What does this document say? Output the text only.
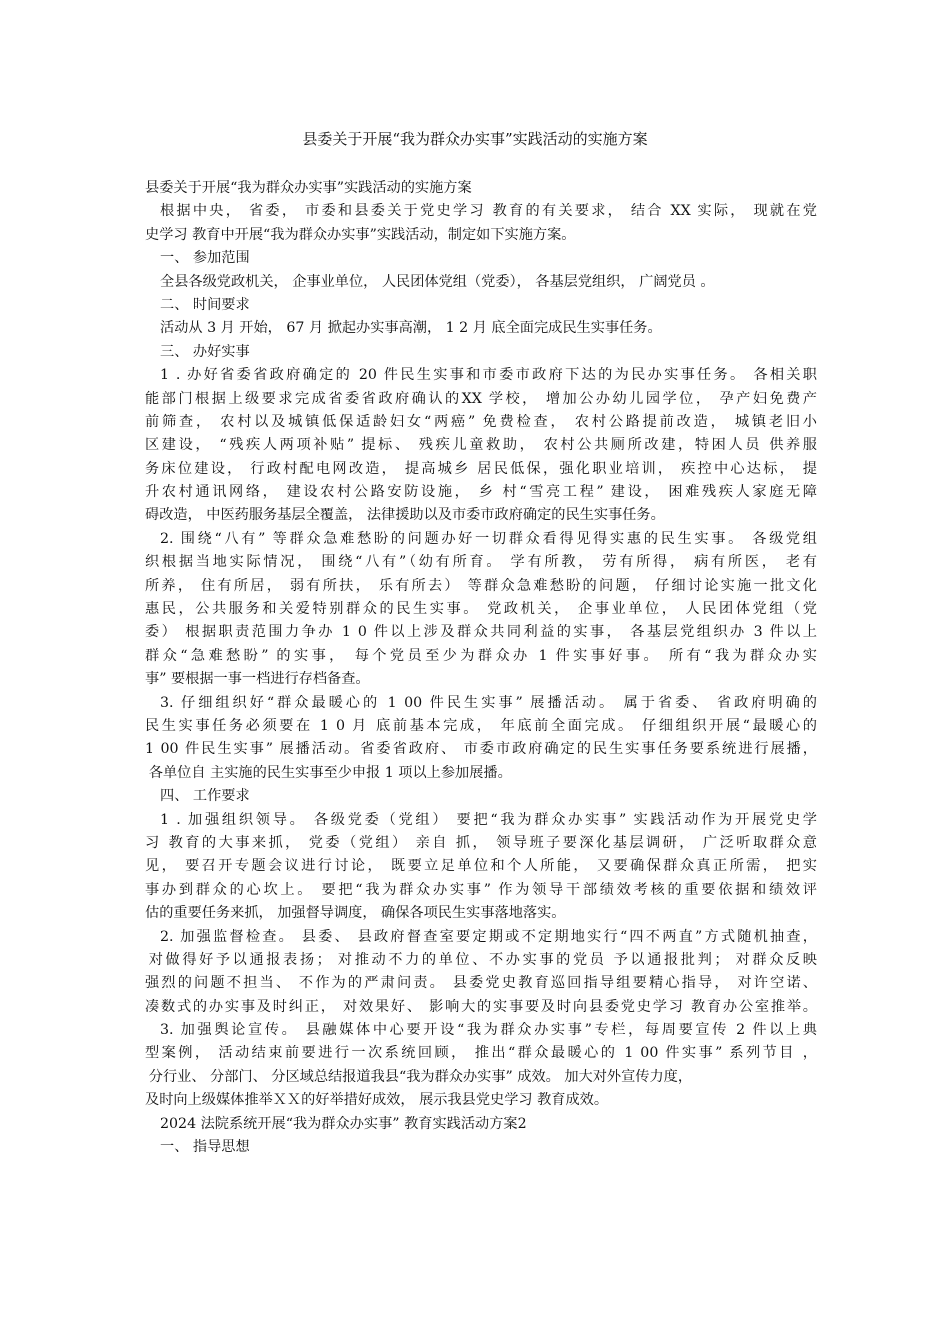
县委关于开展“我为群众办实事”实践活动的实施方案
县委关于开展“我为群众办实事”实践活动的实施方案
根据中央， 省委， 市委和县委关于党史学习 教育的有关要求， 结合 XX 实际， 现就在党
史学习 教育中开展“我为群众办实事”实践活动，制定如下实施方案。
一、 参加范围
全县各级党政机关， 企事业单位， 人民团体党组（党委）， 各基层党组织， 广阔党员 。
二、 时间要求
活动从 3 月 开始， 67 月 掀起办实事高潮， 1 2 月 底全面完成民生实事任务。
三、 办好实事
1 . 办好省委省政府确定的 20 件民生实事和市委市政府下达的为民办实事任务。 各相关职
能部门根据上级要求完成省委省政府确认的XX 学校， 增加公办幼儿园学位， 孕产妇免费产
前筛查， 农村以及城镇低保适龄妇女“两癌” 免费检查， 农村公路提前改造， 城镇老旧小
区建设， “残疾人两项补贴” 提标、 残疾儿童救助， 农村公共厕所改建，特困人员 供养服
务床位建设， 行政村配电网改造， 提高城乡 居民低保，强化职业培训， 疾控中心达标， 提
升农村通讯网络， 建设农村公路安防设施， 乡 村“雪亮工程” 建设， 困难残疾人家庭无障
碍改造， 中医药服务基层全覆盖， 法律援助以及市委市政府确定的民生实事任务。
2. 围绕“八有” 等群众急难愁盼的问题办好一切群众看得见得实惠的民生实事。 各级党组
织根据当地实际情况， 围绕“八有”（幼有所育。 学有所教， 劳有所得， 病有所医， 老有
所养， 住有所居， 弱有所扶， 乐有所去） 等群众急难愁盼的问题， 仔细讨论实施一批文化
惠民，公共服务和关爱特别群众的民生实事。 党政机关， 企事业单位， 人民团体党组（党
委） 根据职责范围力争办 1 0 件以上涉及群众共同利益的实事， 各基层党组织办 3 件以上
群众“急难愁盼” 的实事， 每个党员至少为群众办 1 件实事好事。 所有“我为群众办实
事” 要根据一事一档进行存档备查。
3. 仔细组织好“群众最暖心的 1 00 件民生实事” 展播活动。 属于省委、 省政府明确的
民生实事任务必须要在 1 0 月 底前基本完成， 年底前全面完成。 仔细组织开展“最暖心的
1 00 件民生实事” 展播活动。省委省政府、 市委市政府确定的民生实事任务要系统进行展播，
各单位自 主实施的民生实事至少申报 1 项以上参加展播。
四、 工作要求
1 . 加强组织领导。 各级党委（党组） 要把“我为群众办实事” 实践活动作为开展党史学
习 教育的大事来抓， 党委（党组） 亲自 抓， 领导班子要深化基层调研， 广泛听取群众意
见， 要召开专题会议进行讨论， 既要立足单位和个人所能， 又要确保群众真正所需， 把实
事办到群众的心坎上。 要把“我为群众办实事” 作为领导干部绩效考核的重要依据和绩效评
估的重要任务来抓， 加强督导调度， 确保各项民生实事落地落实。
2. 加强监督检查。 县委、 县政府督查室要定期或不定期地实行“四不两直”方式随机抽查，
对做得好予以通报表扬； 对推动不力的单位、不办实事的党员 予以通报批判； 对群众反映
强烈的问题不担当、 不作为的严肃问责。 县委党史教育巡回指导组要精心指导， 对许空诺、
凑数式的办实事及时纠正， 对效果好、 影响大的实事要及时向县委党史学习 教育办公室推举。
3. 加强舆论宣传。 县融媒体中心要开设“我为群众办实事”专栏，每周要宣传 2 件以上典
型案例， 活动结束前要进行一次系统回顾， 推出“群众最暖心的 1 00 件实事” 系列节目 ，
分行业、 分部门、 分区域总结报道我县“我为群众办实事” 成效。 加大对外宣传力度，
及时向上级媒体推举ＸＸ的好举措好成效， 展示我县党史学习 教育成效。
2024 法院系统开展“我为群众办实事” 教育实践活动方案2
一、 指导思想
